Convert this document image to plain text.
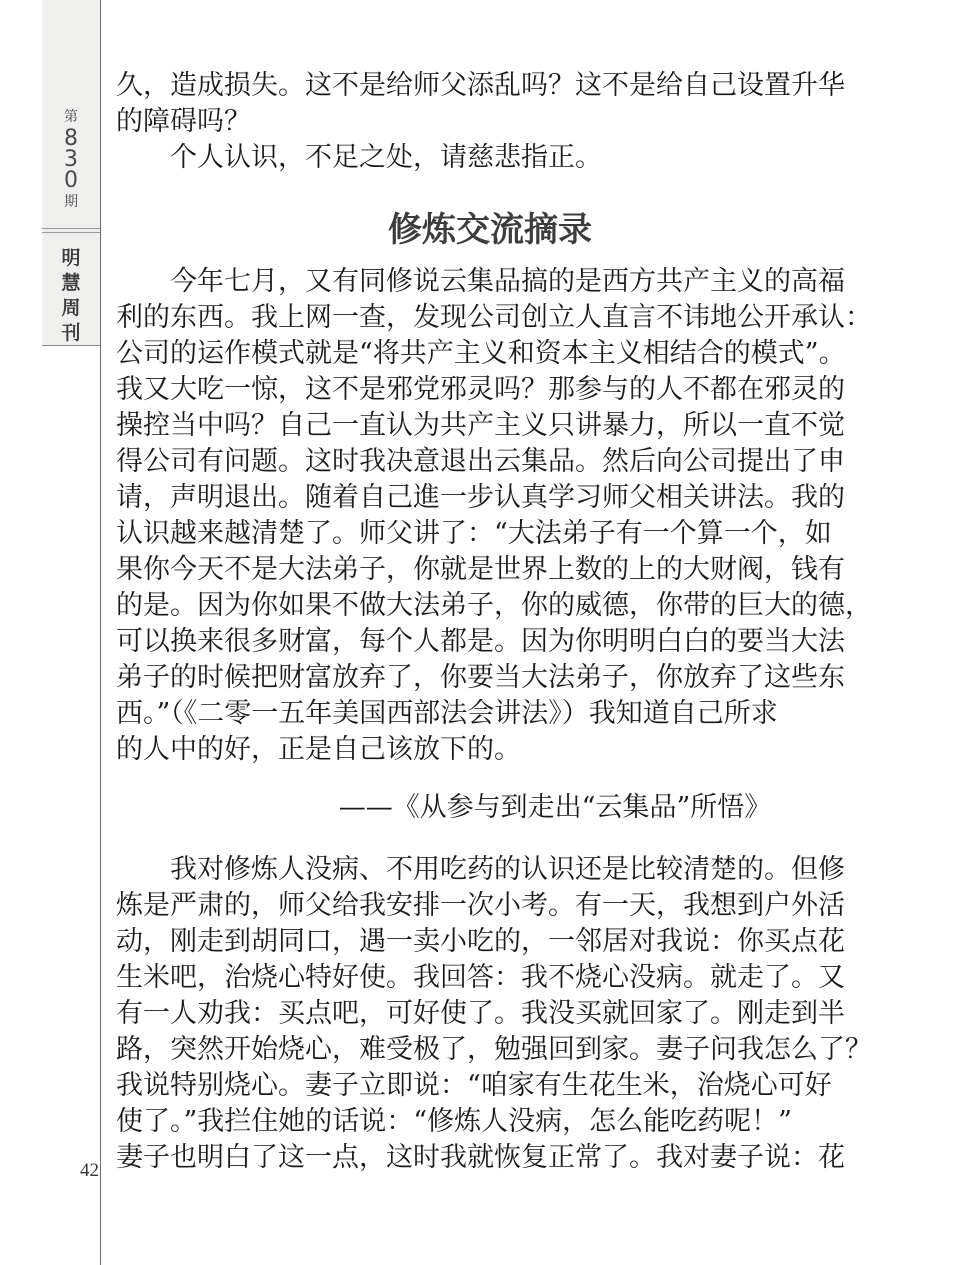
第
830
期
明慧周刊
42
久，造成损失。这不是给师父添乱吗？这不是给自己设置升华
的障碍吗？
个人认识，不足之处，请慈悲指正。
修炼交流摘录
今年七月，又有同修说云集品搞的是西方共产主义的高福
利的东西。我上网一查，发现公司创立人直言不讳地公开承认：
公司的运作模式就是“将共产主义和资本主义相结合的模式”。
我又大吃一惊，这不是邪党邪灵吗？那参与的人不都在邪灵的
操控当中吗？自己一直认为共产主义只讲暴力，所以一直不觉
得公司有问题。这时我决意退出云集品。然后向公司提出了申
请，声明退出。随着自己進一步认真学习师父相关讲法。我的
认识越来越清楚了。师父讲了：“大法弟子有一个算一个，如
果你今天不是大法弟子，你就是世界上数的上的大财阀，钱有
的是。因为你如果不做大法弟子，你的威德，你带的巨大的德，
可以换来很多财富，每个人都是。因为你明明白白的要当大法
弟子的时候把财富放弃了，你要当大法弟子，你放弃了这些东
西。”（《二零一五年美国西部法会讲法》）我知道自己所求
的人中的好，正是自己该放下的。
——《从参与到走出“云集品”所悟》
我对修炼人没病、不用吃药的认识还是比较清楚的。但修
炼是严肃的，师父给我安排一次小考。有一天，我想到户外活
动，刚走到胡同口，遇一卖小吃的，一邻居对我说：你买点花
生米吧，治烧心特好使。我回答：我不烧心没病。就走了。又
有一人劝我：买点吧，可好使了。我没买就回家了。刚走到半
路，突然开始烧心，难受极了，勉强回到家。妻子问我怎么了？
我说特别烧心。妻子立即说：“咱家有生花生米，治烧心可好
使了。”我拦住她的话说：“修炼人没病，怎么能吃药呢！”
妻子也明白了这一点，这时我就恢复正常了。我对妻子说：花
